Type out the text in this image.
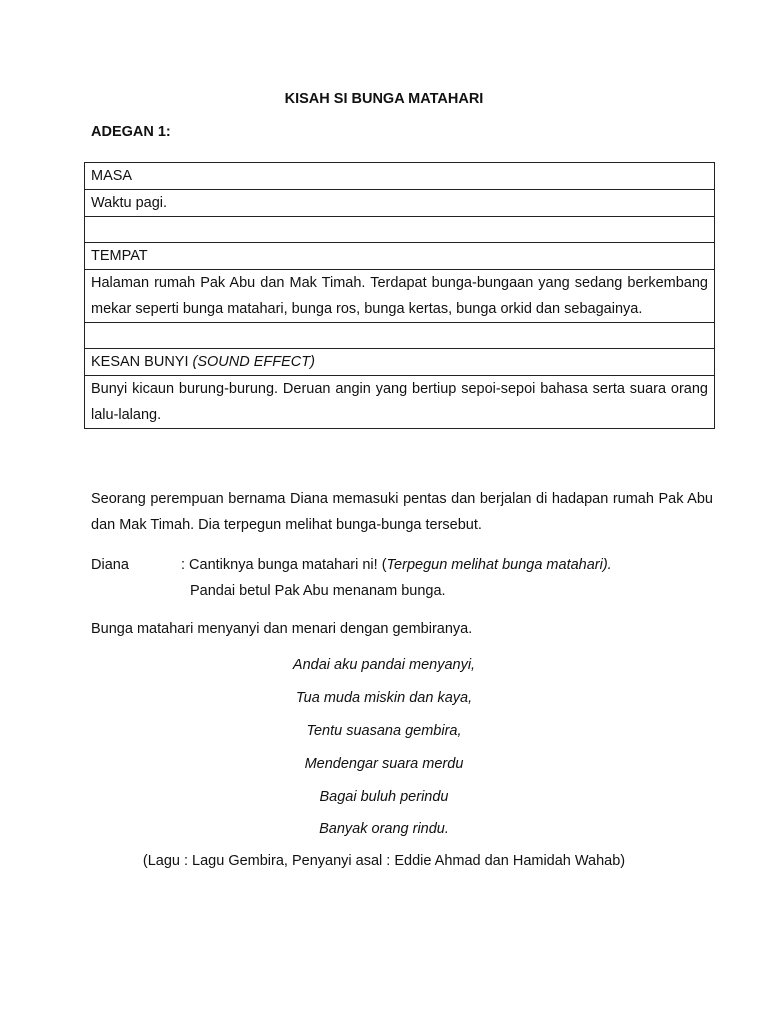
KISAH SI BUNGA MATAHARI
ADEGAN 1:
MASA
Waktu pagi.

TEMPAT
Halaman rumah Pak Abu dan Mak Timah. Terdapat bunga-bungaan yang sedang berkembang mekar seperti bunga matahari, bunga ros, bunga kertas, bunga orkid dan sebagainya.

KESAN BUNYI (SOUND EFFECT)
Bunyi kicaun burung-burung. Deruan angin yang bertiup sepoi-sepoi bahasa serta suara orang lalu-lalang.
Seorang perempuan bernama Diana memasuki pentas dan berjalan di hadapan rumah Pak Abu dan Mak Timah. Dia terpegun melihat bunga-bunga tersebut.
Diana	: Cantiknya bunga matahari ni! (Terpegun melihat bunga matahari).
Pandai betul Pak Abu menanam bunga.
Bunga matahari menyanyi dan menari dengan gembiranya.
Andai aku pandai menyanyi,
Tua muda miskin dan kaya,
Tentu suasana gembira,
Mendengar suara merdu
Bagai buluh perindu
Banyak orang rindu.
(Lagu : Lagu Gembira, Penyanyi asal : Eddie Ahmad dan Hamidah Wahab)
